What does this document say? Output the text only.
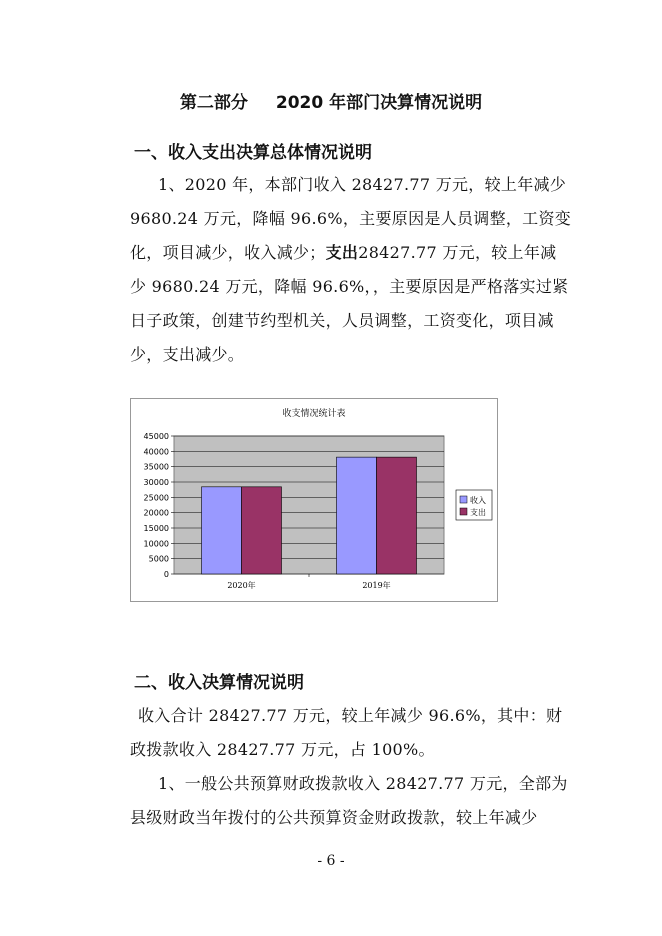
第二部分 2020 年部门决算情况说明
一、收入支出决算总体情况说明
1、2020 年，本部门收入 28427.77 万元，较上年减少
9680.24 万元，降幅 96.6%，主要原因是人员调整，工资变
化，项目减少，收入减少；支出28427.77 万元，较上年减
少 9680.24 万元，降幅 96.6%，，主要原因是严格落实过紧
日子政策，创建节约型机关，人员调整，工资变化，项目减
少，支出减少。
收支情况统计表
45000
40000
35000
30000
25000
20000
15000
10000
5000
0
2020年	2019年
收入
支出
二、收入决算情况说明
收入合计 28427.77 万元，较上年减少 96.6%，其中：财
政拨款收入 28427.77 万元，占 100%。
1、一般公共预算财政拨款收入 28427.77 万元，全部为
县级财政当年拨付的公共预算资金财政拨款，较上年减少
- 6 -
